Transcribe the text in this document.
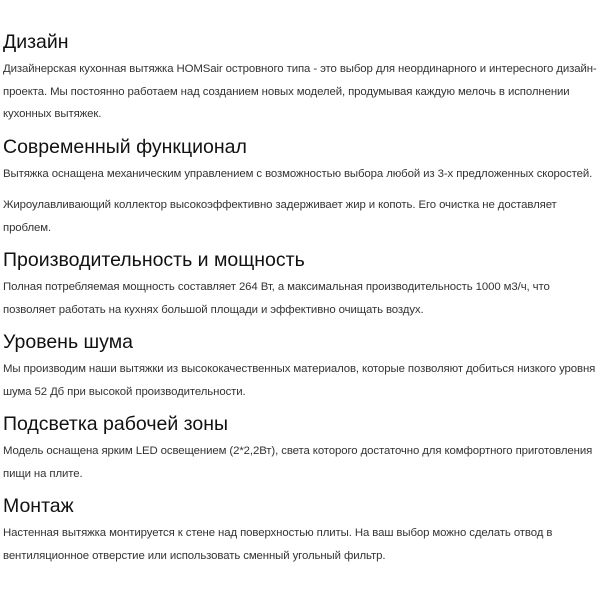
Дизайн

Дизайнерская кухонная вытяжка HOMSair островного типа - это выбор для неординарного и интересного дизайн-проекта. Мы постоянно работаем над созданием новых моделей, продумывая каждую мелочь в исполнении кухонных вытяжек.

Современный функционал

Вытяжка оснащена механическим управлением с возможностью выбора любой из 3-х предложенных скоростей.

Жироулавливающий коллектор высокоэффективно задерживает жир и копоть. Его очистка не доставляет проблем.

Производительность и мощность

Полная потребляемая мощность составляет 264 Вт, а максимальная производительность 1000 м3/ч, что позволяет работать на кухнях большой площади и эффективно очищать воздух.

Уровень шума

Мы производим наши вытяжки из высококачественных материалов, которые позволяют добиться низкого уровня шума 52 Дб при высокой производительности.

Подсветка рабочей зоны

Модель оснащена ярким LED освещением (2*2,2Вт), света которого достаточно для комфортного приготовления пищи на плите.

Монтаж

Настенная вытяжка монтируется к стене над поверхностью плиты. На ваш выбор можно сделать отвод в вентиляционное отверстие или использовать сменный угольный фильтр.
